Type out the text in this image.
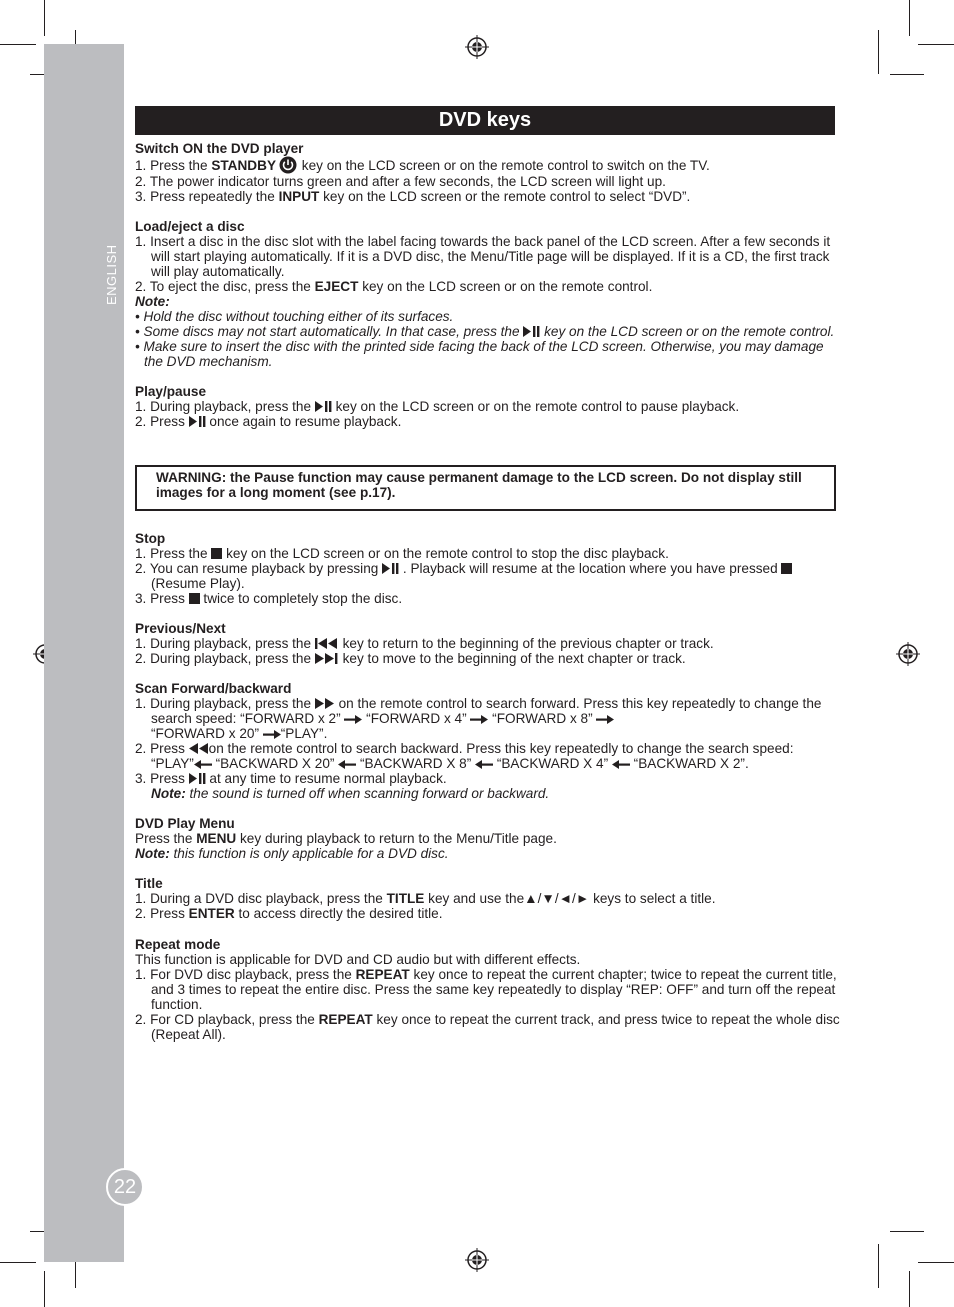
ENGLISH
22
DVD keys

Switch ON the DVD player

1. Press the STANDBY key on the LCD screen or on the remote control to switch on the TV.

2. The power indicator turns green and after a few seconds, the LCD screen will light up.

3. Press repeatedly the INPUT key on the LCD screen or the remote control to select “DVD”.

Load/eject a disc

1. Insert a disc in the disc slot with the label facing towards the back panel of the LCD screen. After a few seconds it will start playing automatically. If it is a DVD disc, the Menu/Title page will be displayed. If it is a CD, the first track will play automatically.

2. To eject the disc, press the EJECT key on the LCD screen or on the remote control.

Note:

• Hold the disc without touching either of its surfaces.

• Some discs may not start automatically. In that case, press the  key on the LCD screen or on the remote control.

• Make sure to insert the disc with the printed side facing the back of the LCD screen. Otherwise, you may damage the DVD mechanism.

Play/pause

1. During playback, press the  key on the LCD screen or on the remote control to pause playback.

2. Press  once again to resume playback.

WARNING: the Pause function may cause permanent damage to the LCD screen. Do not display still images for a long moment (see p.17).

Stop

1. Press the  key on the LCD screen or on the remote control to stop the disc playback.

2. You can resume playback by pressing  . Playback will resume at the location where you have pressed  (Resume Play).

3. Press  twice to completely stop the disc.

Previous/Next

1. During playback, press the  key to return to the beginning of the previous chapter or track.

2. During playback, press the  key to move to the beginning of the next chapter or track.

Scan Forward/backward

1. During playback, press the  on the remote control to search forward. Press this key repeatedly to change the search speed: “FORWARD x 2”  “FORWARD x 4”  “FORWARD x 8”
“FORWARD x 20” “PLAY”.

2. Press on the remote control to search backward. Press this key repeatedly to change the search speed: “PLAY” “BACKWARD X 20”  “BACKWARD X 8”  “BACKWARD X 4”  “BACKWARD X 2”.

3. Press  at any time to resume normal playback.
Note: the sound is turned off when scanning forward or backward.

DVD Play Menu

Press the MENU key during playback to return to the Menu/Title page.

Note: this function is only applicable for a DVD disc.

Title

1. During a DVD disc playback, press the TITLE key and use the▲/▼/◄/► keys to select a title.

2. Press ENTER to access directly the desired title.

Repeat mode

This function is applicable for DVD and CD audio but with different effects.

1. For DVD disc playback, press the REPEAT key once to repeat the current chapter; twice to repeat the current title, and 3 times to repeat the entire disc. Press the same key repeatedly to display “REP: OFF” and turn off the repeat function.

2. For CD playback, press the REPEAT key once to repeat the current track, and press twice to repeat the whole disc (Repeat All).
